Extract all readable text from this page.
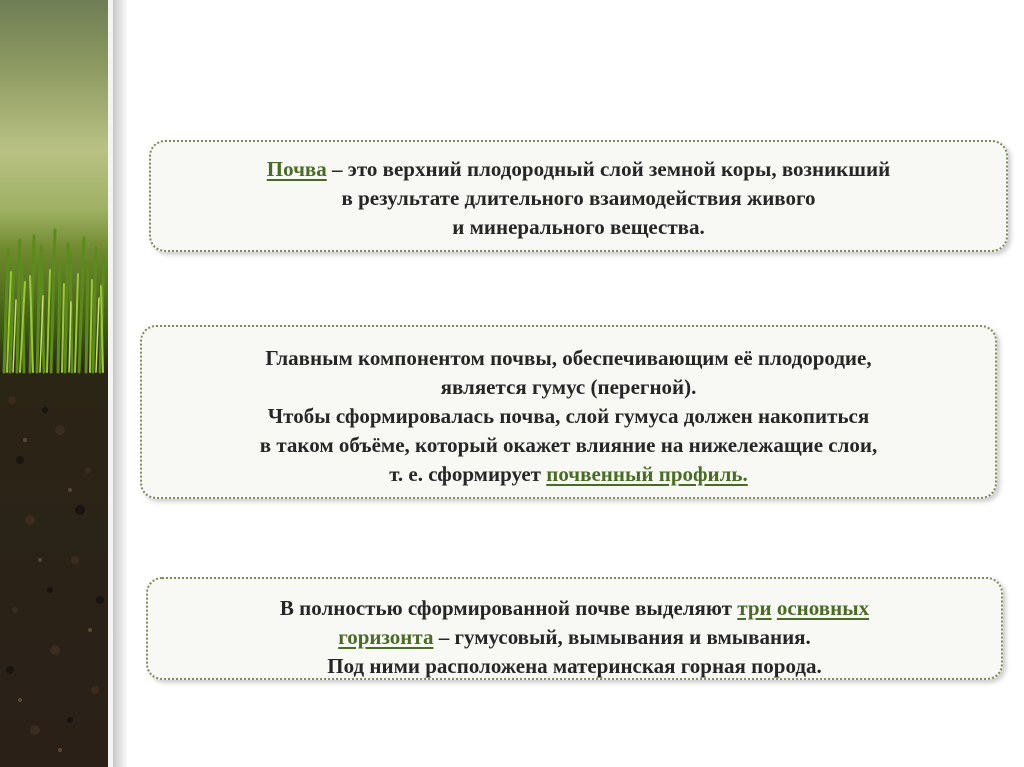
Почва – это верхний плодородный слой земной коры, возникший
в результате длительного взаимодействия живого
и минерального вещества.
Главным компонентом почвы, обеспечивающим её плодородие,
является гумус (перегной).
Чтобы сформировалась почва, слой гумуса должен накопиться
в таком объёме, который окажет влияние на нижележащие слои,
т. е. сформирует почвенный профиль.
В полностью сформированной почве выделяют три основных
горизонта – гумусовый, вымывания и вмывания.
Под ними расположена материнская горная порода.
